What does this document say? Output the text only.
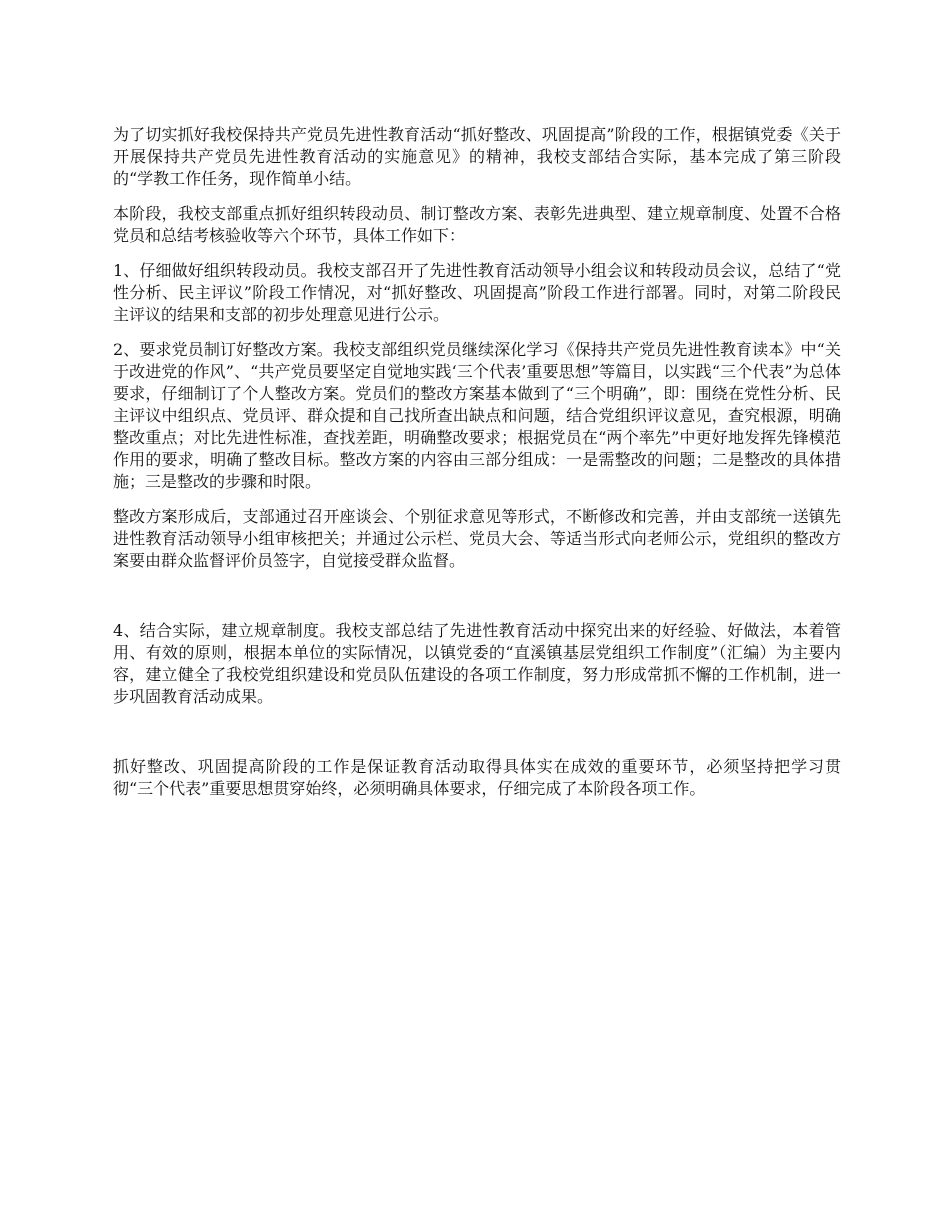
为了切实抓好我校保持共产党员先进性教育活动“抓好整改、巩固提高”阶段的工作，根据镇党委《关于开展保持共产党员先进性教育活动的实施意见》的精神，我校支部结合实际，基本完成了第三阶段的“学教工作任务，现作简单小结。

本阶段，我校支部重点抓好组织转段动员、制订整改方案、表彰先进典型、建立规章制度、处置不合格党员和总结考核验收等六个环节，具体工作如下：

1、仔细做好组织转段动员。我校支部召开了先进性教育活动领导小组会议和转段动员会议，总结了“党性分析、民主评议”阶段工作情况，对“抓好整改、巩固提高”阶段工作进行部署。同时，对第二阶段民主评议的结果和支部的初步处理意见进行公示。

2、要求党员制订好整改方案。我校支部组织党员继续深化学习《保持共产党员先进性教育读本》中“关于改进党的作风”、“共产党员要坚定自觉地实践‘三个代表’重要思想”等篇目，以实践“三个代表”为总体要求，仔细制订了个人整改方案。党员们的整改方案基本做到了“三个明确”，即：围绕在党性分析、民主评议中组织点、党员评、群众提和自己找所查出缺点和问题，结合党组织评议意见，查究根源，明确整改重点；对比先进性标准，查找差距，明确整改要求；根据党员在“两个率先”中更好地发挥先锋模范作用的要求，明确了整改目标。整改方案的内容由三部分组成：一是需整改的问题；二是整改的具体措施；三是整改的步骤和时限。

整改方案形成后，支部通过召开座谈会、个别征求意见等形式，不断修改和完善，并由支部统一送镇先进性教育活动领导小组审核把关；并通过公示栏、党员大会、等适当形式向老师公示，党组织的整改方案要由群众监督评价员签字，自觉接受群众监督。

4、结合实际，建立规章制度。我校支部总结了先进性教育活动中探究出来的好经验、好做法，本着管用、有效的原则，根据本单位的实际情况，以镇党委的“直溪镇基层党组织工作制度”（汇编）为主要内容，建立健全了我校党组织建设和党员队伍建设的各项工作制度，努力形成常抓不懈的工作机制，进一步巩固教育活动成果。

抓好整改、巩固提高阶段的工作是保证教育活动取得具体实在成效的重要环节，必须坚持把学习贯彻“三个代表”重要思想贯穿始终，必须明确具体要求，仔细完成了本阶段各项工作。
